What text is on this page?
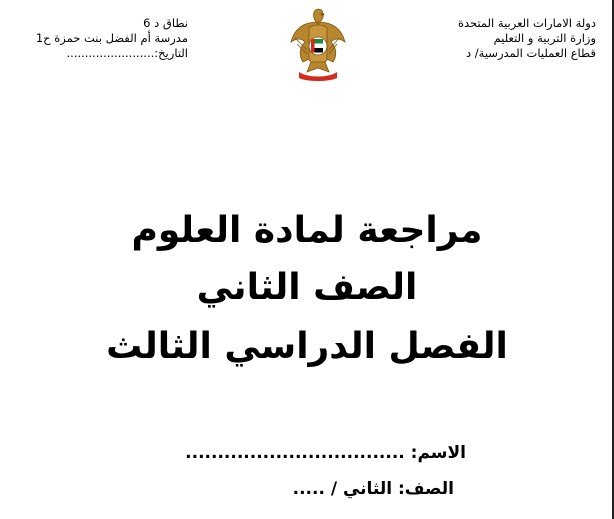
دولة الامارات العربية المتحدة
وزارة التربية و التعليم
قطاع العمليات المدرسية/ د
نطاق د 6
مدرسة أم الفضل بنت حمزة ح1
التاريخ:........................
مراجعة لمادة العلوم
الصف الثاني
الفصل الدراسي الثالث
الاسم: ..................................
الصف: الثاني / .....
